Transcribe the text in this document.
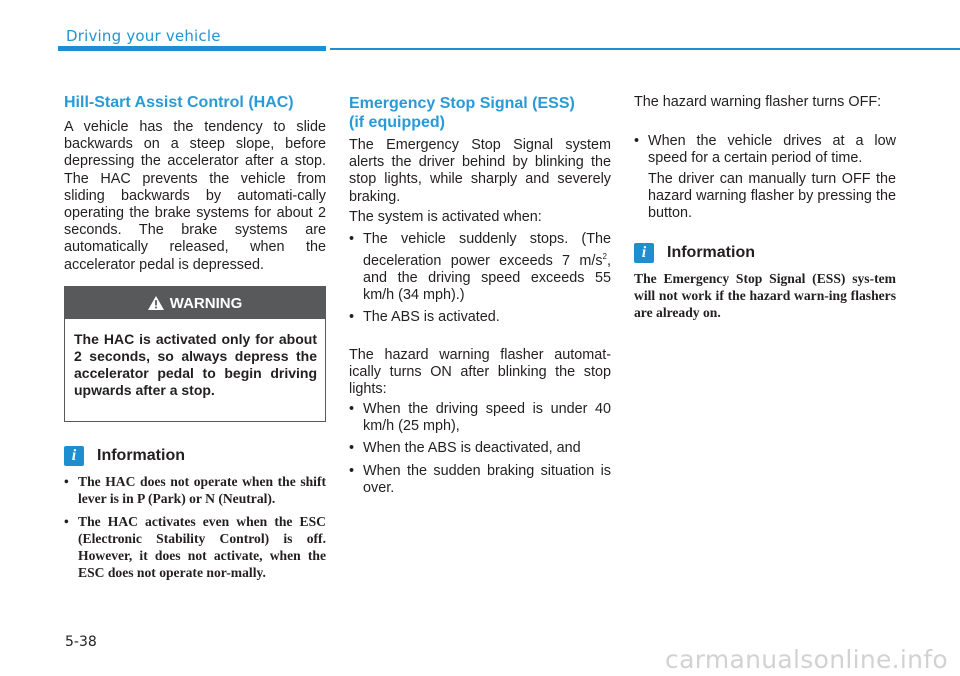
Driving your vehicle
Hill-Start Assist Control (HAC)

A vehicle has the tendency to slide backwards on a steep slope, before depressing the accelerator after a stop. The HAC prevents the vehicle from sliding backwards by automati-cally operating the brake systems for about 2 seconds. The brake systems are automatically released, when the accelerator pedal is depressed.

WARNING
The HAC is activated only for about 2 seconds, so always depress the accelerator pedal to begin driving upwards after a stop.
i	Information
• The HAC does not operate when the shift lever is in P (Park) or N (Neutral).
• The HAC activates even when the ESC (Electronic Stability Control) is off. However, it does not activate, when the ESC does not operate nor-mally.
Emergency Stop Signal (ESS)
(if equipped)

The Emergency Stop Signal system alerts the driver behind by blinking the stop lights, while sharply and severely braking.

The system is activated when:

• The vehicle suddenly stops. (The deceleration power exceeds 7 $m/s^2$, and the driving speed exceeds 55 km/h (34 mph).)
• The ABS is activated.

The hazard warning flasher automat-ically turns ON after blinking the stop lights:

• When the driving speed is under 40 km/h (25 mph),
• When the ABS is deactivated, and
• When the sudden braking situation is over.

The hazard warning flasher turns OFF:

• When the vehicle drives at a low speed for a certain period of time.

The driver can manually turn OFF the hazard warning flasher by pressing the button.

i	Information

The Emergency Stop Signal (ESS) sys-tem will not work if the hazard warn-ing flashers are already on.

5-38
carmanualsonline.info
